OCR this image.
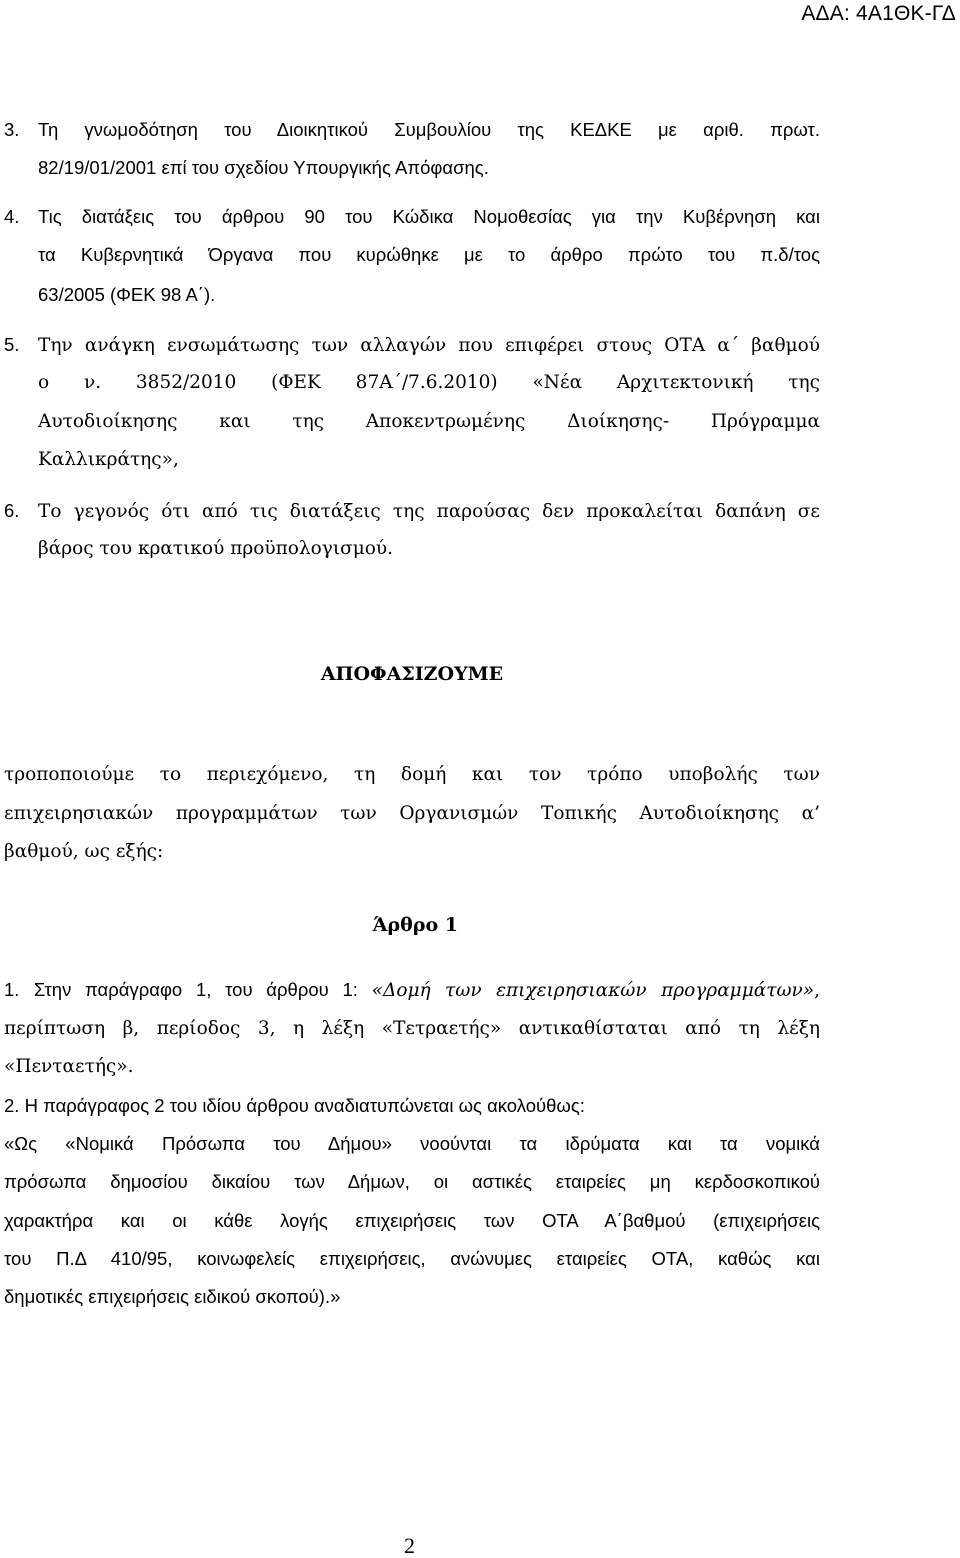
ΑΔΑ: 4Α1ΘΚ-ΓΔ
3. Τη γνωμοδότηση του Διοικητικού Συμβουλίου της ΚΕΔΚΕ με αριθ. πρωτ.
82/19/01/2001 επί του σχεδίου Υπουργικής Απόφασης.
4. Τις διατάξεις του άρθρου 90 του Κώδικα Νομοθεσίας για την Κυβέρνηση και
τα Κυβερνητικά Όργανα που κυρώθηκε με το άρθρο πρώτο του π.δ/τος
63/2005 (ΦΕΚ 98 Α΄).
5. Την ανάγκη ενσωμάτωσης των αλλαγών που επιφέρει στους ΟΤΑ α΄ βαθμού
ο ν. 3852/2010 (ΦΕΚ 87Α΄/7.6.2010) «Νέα Αρχιτεκτονική της
Αυτοδιοίκησης και της Αποκεντρωμένης Διοίκησης- Πρόγραμμα
Καλλικράτης»,
6. Το γεγονός ότι από τις διατάξεις της παρούσας δεν προκαλείται δαπάνη σε
βάρος του κρατικού προϋπολογισμού.
ΑΠΟΦΑΣΙΖΟΥΜΕ
τροποποιούμε το περιεχόμενο, τη δομή και τον τρόπο υποβολής των
επιχειρησιακών προγραμμάτων των Οργανισμών Τοπικής Αυτοδιοίκησης α’
βαθμού, ως εξής:
Άρθρο 1
1. Στην παράγραφο 1, του άρθρου 1: «Δομή των επιχειρησιακών προγραμμάτων»,
περίπτωση β, περίοδος 3, η λέξη «Τετραετής» αντικαθίσταται από τη λέξη
«Πενταετής».
2. Η παράγραφος 2 του ιδίου άρθρου αναδιατυπώνεται ως ακολούθως:
«Ως «Νομικά Πρόσωπα του Δήμου» νοούνται τα ιδρύματα και τα νομικά
πρόσωπα δημοσίου δικαίου των Δήμων, οι αστικές εταιρείες μη κερδοσκοπικού
χαρακτήρα και οι κάθε λογής επιχειρήσεις των ΟΤΑ Α΄βαθμού (επιχειρήσεις
του Π.Δ 410/95, κοινωφελείς επιχειρήσεις, ανώνυμες εταιρείες ΟΤΑ, καθώς και
δημοτικές επιχειρήσεις ειδικού σκοπού).»
2
